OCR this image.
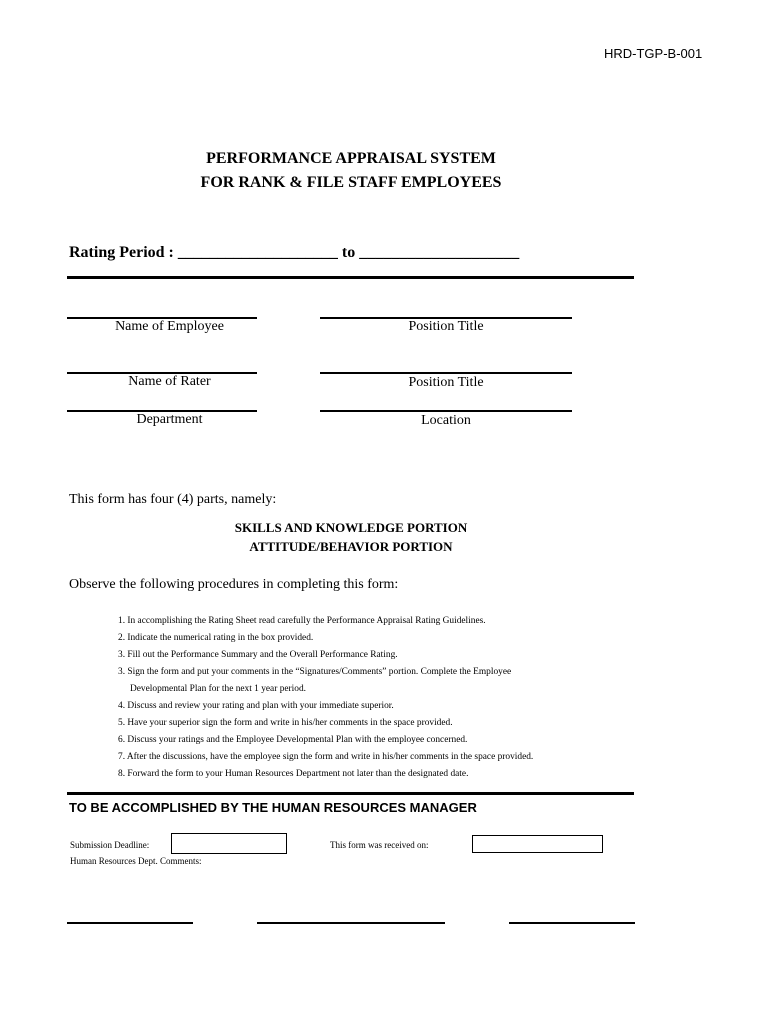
HRD-TGP-B-001
PERFORMANCE APPRAISAL SYSTEM
FOR RANK & FILE STAFF EMPLOYEES
Rating Period : ____________________ to ____________________
Name of Employee	Position Title
Name of Rater	Position Title
Department	Location
This form has four (4) parts, namely:
SKILLS AND KNOWLEDGE PORTION
ATTITUDE/BEHAVIOR PORTION
Observe the following procedures in completing this form:
1. In accomplishing the Rating Sheet read carefully the Performance Appraisal Rating Guidelines.
2. Indicate the numerical rating in the box provided.
3. Fill out the Performance Summary and the Overall Performance Rating.
3. Sign the form and put your comments in the “Signatures/Comments” portion. Complete the Employee
Developmental Plan for the next 1 year period.
4. Discuss and review your rating and plan with your immediate superior.
5. Have your superior sign the form and write in his/her comments in the space provided.
6. Discuss your ratings and the Employee Developmental Plan with the employee concerned.
7. After the discussions, have the employee sign the form and write in his/her comments in the space provided.
8. Forward the form to your Human Resources Department not later than the designated date.
TO BE ACCOMPLISHED BY THE HUMAN RESOURCES MANAGER
Submission Deadline:	This form was received on:
Human Resources Dept. Comments:
